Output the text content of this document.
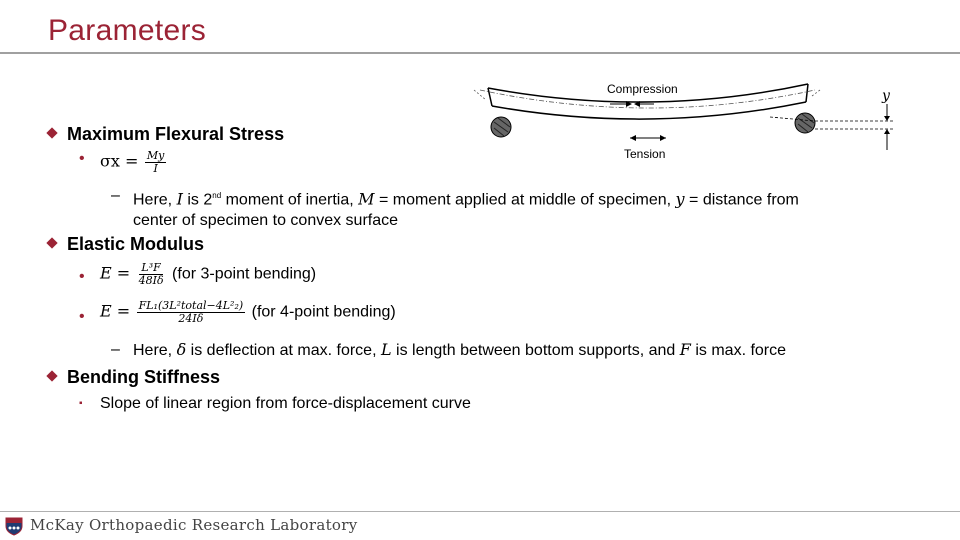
Parameters
y
Compression
Tension
Maximum Flexural Stress
• $\sigma x = \frac{My}{I}$
– Here, I is 2nd moment of inertia, M = moment applied at middle of specimen, y = distance from
center of specimen to convex surface
Elastic Modulus
• $E = \frac{\text{L³F}}{48I\delta} (for$ 3-point bending)
• $E = \frac{\text{FL₁(3L²total−4L²₂)}}{24I\delta} (for$ 4-point bending)
– Here, δ is deflection at max. force, L is length between bottom supports, and F is max. force
Bending Stiffness
▪ Slope of linear region from force-displacement curve
McKay Orthopaedic Research Laboratory
